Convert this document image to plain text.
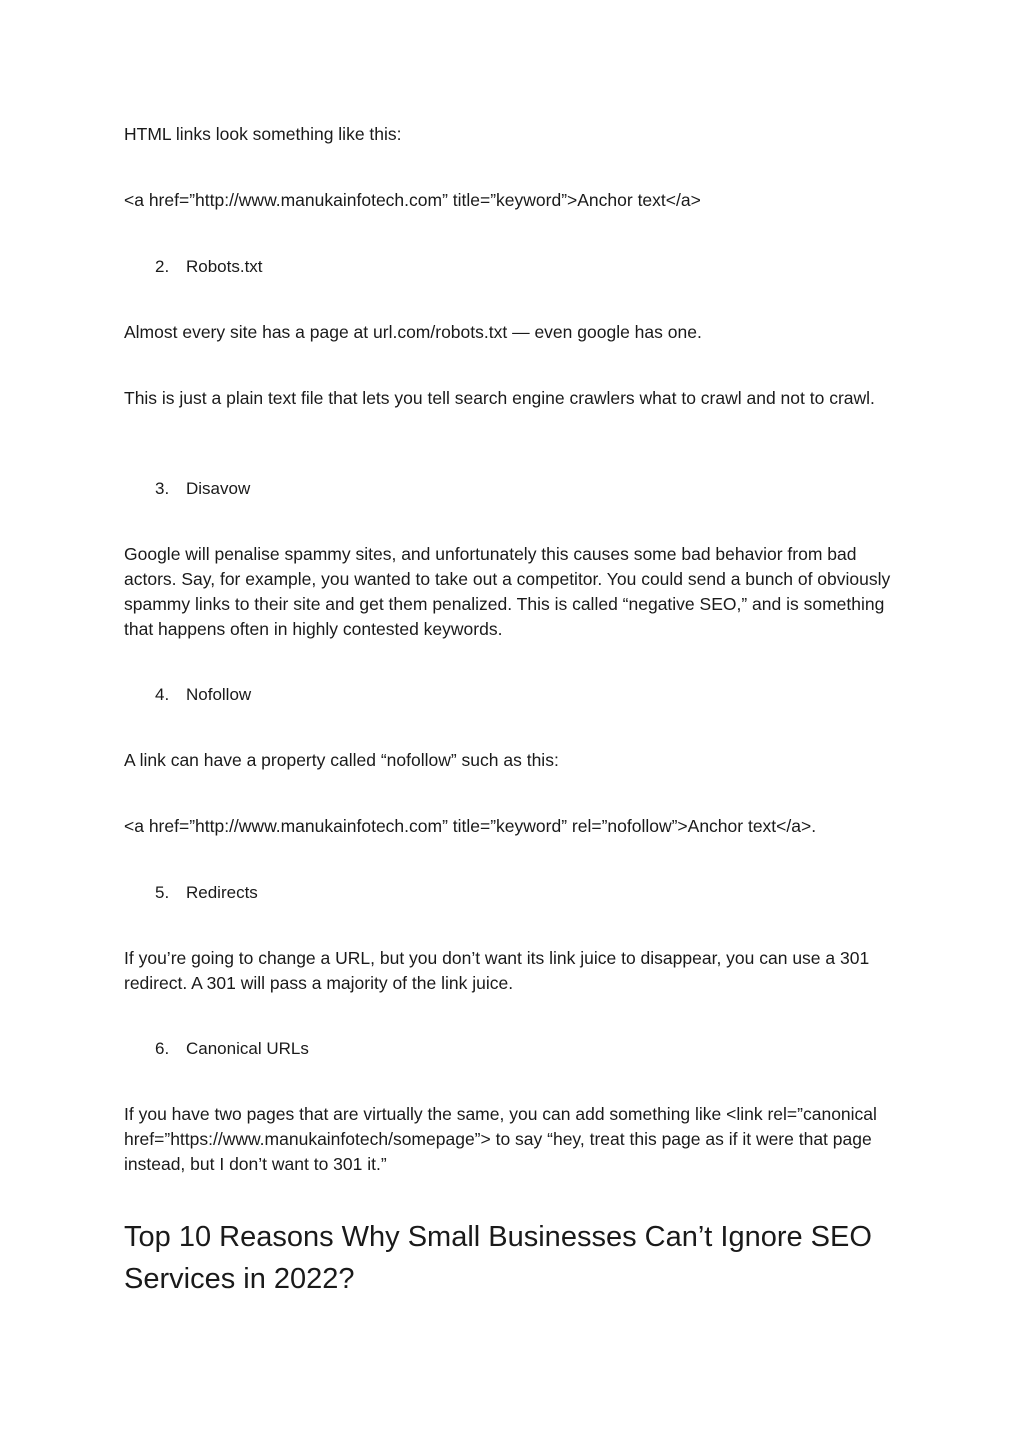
HTML links look something like this:

<a href=”http://www.manukainfotech.com” title=”keyword”>Anchor text</a>

2. Robots.txt

Almost every site has a page at url.com/robots.txt — even google has one.

This is just a plain text file that lets you tell search engine crawlers what to crawl and not to crawl.

3. Disavow

Google will penalise spammy sites, and unfortunately this causes some bad behavior from bad actors. Say, for example, you wanted to take out a competitor. You could send a bunch of obviously spammy links to their site and get them penalized. This is called “negative SEO,” and is something that happens often in highly contested keywords.

4. Nofollow

A link can have a property called “nofollow” such as this:

<a href=”http://www.manukainfotech.com” title=”keyword” rel=”nofollow”>Anchor text</a>.

5. Redirects

If you’re going to change a URL, but you don’t want its link juice to disappear, you can use a 301 redirect. A 301 will pass a majority of the link juice.

6. Canonical URLs

If you have two pages that are virtually the same, you can add something like <link rel=”canonical href=”https://www.manukainfotech/somepage”> to say “hey, treat this page as if it were that page instead, but I don’t want to 301 it.”

Top 10 Reasons Why Small Businesses Can’t Ignore SEO Services in 2022?
